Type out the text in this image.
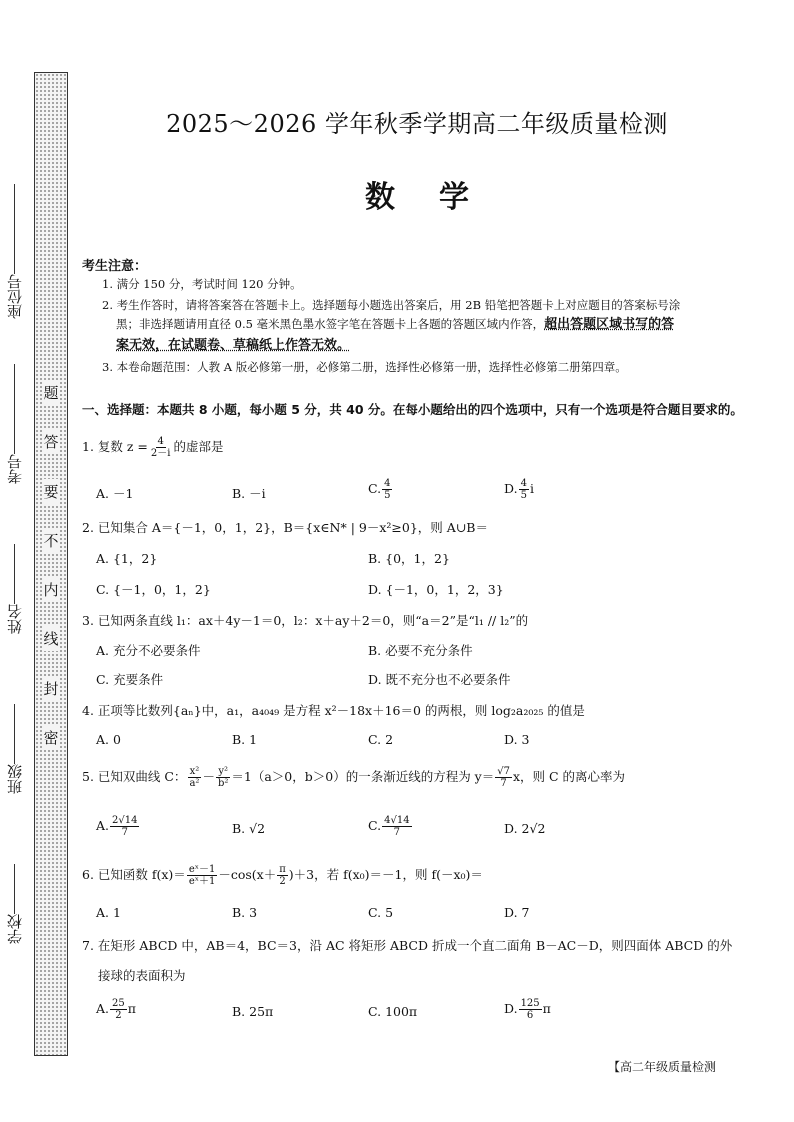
座位号
考号
姓名
班级
学校
题
答
要
不
内
线
封
密
2025～2026 学年秋季学期高二年级质量检测
数学
考生注意：
1. 满分 150 分，考试时间 120 分钟。
2. 考生作答时，请将答案答在答题卡上。选择题每小题选出答案后，用 2B 铅笔把答题卡上对应题目的答案标号涂
黑；非选择题请用直径 0.5 毫米黑色墨水签字笔在答题卡上各题的答题区域内作答，超出答题区域书写的答
案无效，在试题卷、草稿纸上作答无效。
3. 本卷命题范围：人教 A 版必修第一册，必修第二册，选择性必修第一册，选择性必修第二册第四章。
一、选择题：本题共 8 小题，每小题 5 分，共 40 分。在每小题给出的四个选项中，只有一个选项是符合题目要求的。
1. 复数 $z = \frac{4}{2-i}$ 的虚部是
A. －1	B. －i	C. $\frac{4}{5}$	D. $\frac{4}{5}$ i
2. 已知集合 A＝{－1，0，1，2}，B＝{x∈N* | 9－x²≥0}，则 A∪B＝
A. {1，2}	B. {0，1，2}
C. {－1，0，1，2}	D. {－1，0，1，2，3}
3. 已知两条直线 l₁：ax＋4y－1＝0，l₂：x＋ay＋2＝0，则“a＝2”是“l₁ // l₂”的
A. 充分不必要条件	B. 必要不充分条件
C. 充要条件	D. 既不充分也不必要条件
4. 正项等比数列{aₙ}中，a₁，a₄₀₄₉ 是方程 x²－18x＋16＝0 的两根，则 log₂a₂₀₂₅ 的值是
A. 0	B. 1	C. 2	D. 3
5. 已知双曲线 C： $\frac{\text{x²}}{\text{a²}} - \frac{\text{y²}}{\text{b²}} =1(a>0$，b＞0）的一条渐近线的方程为 $y= \frac{√7}{7}$ x，则 C 的离心率为
A. $\frac{2√14}{7}$	B. √2	C. $\frac{4√14}{7}$	D. 2√2
6. 已知函数 $f(x)= \frac{\text{eˣ－1}}{\text{eˣ＋1}} -\cos(x+ \frac{\pi}{2} )+3$，若 f(x₀)＝－1，则 f(－x₀)＝
A. 1	B. 3	C. 5	D. 7
7. 在矩形 ABCD 中，AB＝4，BC＝3，沿 AC 将矩形 ABCD 折成一个直二面角 B－AC－D，则四面体 ABCD 的外
接球的表面积为
A. $\frac{25}{2}$ π	B. 25π	C. 100π	D. $\frac{125}{6}$ π
【高二年级质量检测
